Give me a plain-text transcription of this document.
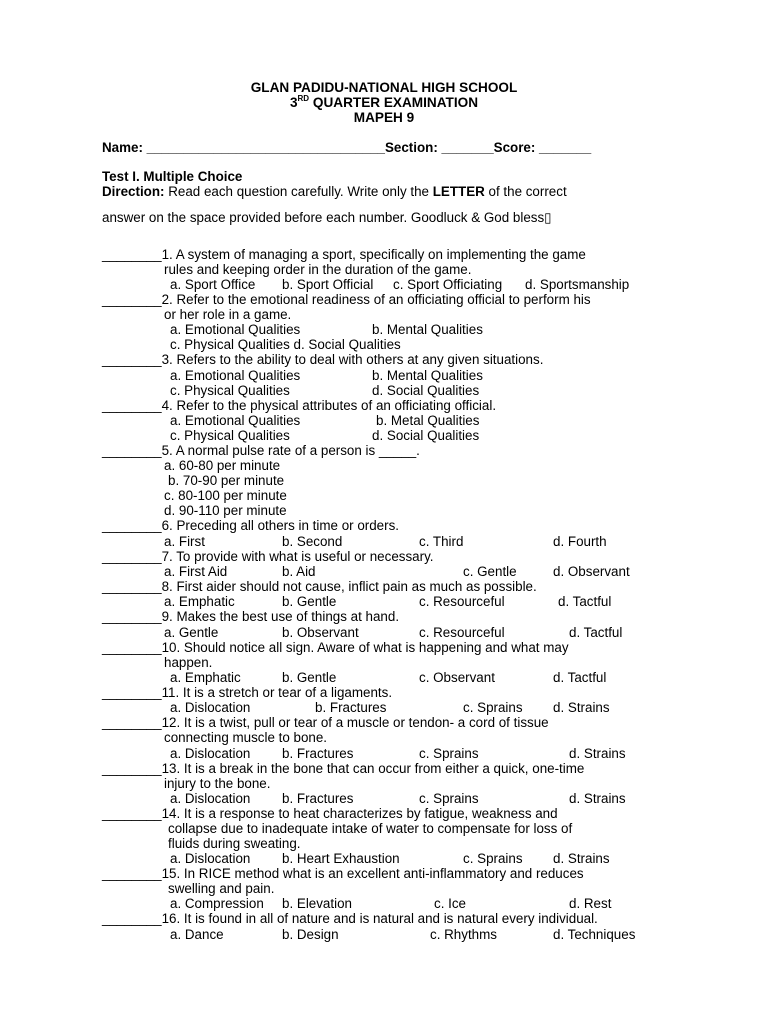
GLAN PADIDU-NATIONAL HIGH SCHOOL
3RD QUARTER EXAMINATION
MAPEH 9
Name: ________________________________Section: _______Score: _______
Test I. Multiple Choice
Direction: Read each question carefully. Write only the LETTER of the correct
answer on the space provided before each number. Goodluck & God bless▯
________1. A system of managing a sport, specifically on implementing the game
rules and keeping order in the duration of the game.
a. Sport Office b. Sport Official c. Sport Officiating d. Sportsmanship
________2. Refer to the emotional readiness of an officiating official to perform his
or her role in a game.
a. Emotional Qualities	b. Mental Qualities
c. Physical Qualities d. Social Qualities
________3. Refers to the ability to deal with others at any given situations.
a. Emotional Qualities	b. Mental Qualities
c. Physical Qualities	d. Social Qualities
________4. Refer to the physical attributes of an officiating official.
a. Emotional Qualities	b. Metal Qualities
c. Physical Qualities	d. Social Qualities
________5. A normal pulse rate of a person is _____.
a. 60-80 per minute
b. 70-90 per minute
c. 80-100 per minute
d. 90-110 per minute
________6. Preceding all others in time or orders.
a. First	b. Second	c. Third	d. Fourth
________7. To provide with what is useful or necessary.
a. First Aid	b. Aid	c. Gentle	d. Observant
________8. First aider should not cause, inflict pain as much as possible.
a. Emphatic	b. Gentle	c. Resourceful	d. Tactful
________9. Makes the best use of things at hand.
a. Gentle	b. Observant	c. Resourceful	d. Tactful
________10. Should notice all sign. Aware of what is happening and what may
happen.
a. Emphatic	b. Gentle	c. Observant	d. Tactful
________11. It is a stretch or tear of a ligaments.
a. Dislocation	b. Fractures	c. Sprains d. Strains
________12. It is a twist, pull or tear of a muscle or tendon- a cord of tissue
connecting muscle to bone.
a. Dislocation b. Fractures	c. Sprains	d. Strains
________13. It is a break in the bone that can occur from either a quick, one-time
injury to the bone.
a. Dislocation b. Fractures	c. Sprains	d. Strains
________14. It is a response to heat characterizes by fatigue, weakness and
collapse due to inadequate intake of water to compensate for loss of
fluids during sweating.
a. Dislocation b. Heart Exhaustion	c. Sprains d. Strains
________15. In RICE method what is an excellent anti-inflammatory and reduces
swelling and pain.
a. Compression b. Elevation	c. Ice	d. Rest
________16. It is found in all of nature and is natural and is natural every individual.
a. Dance	b. Design	c. Rhythms	d. Techniques
